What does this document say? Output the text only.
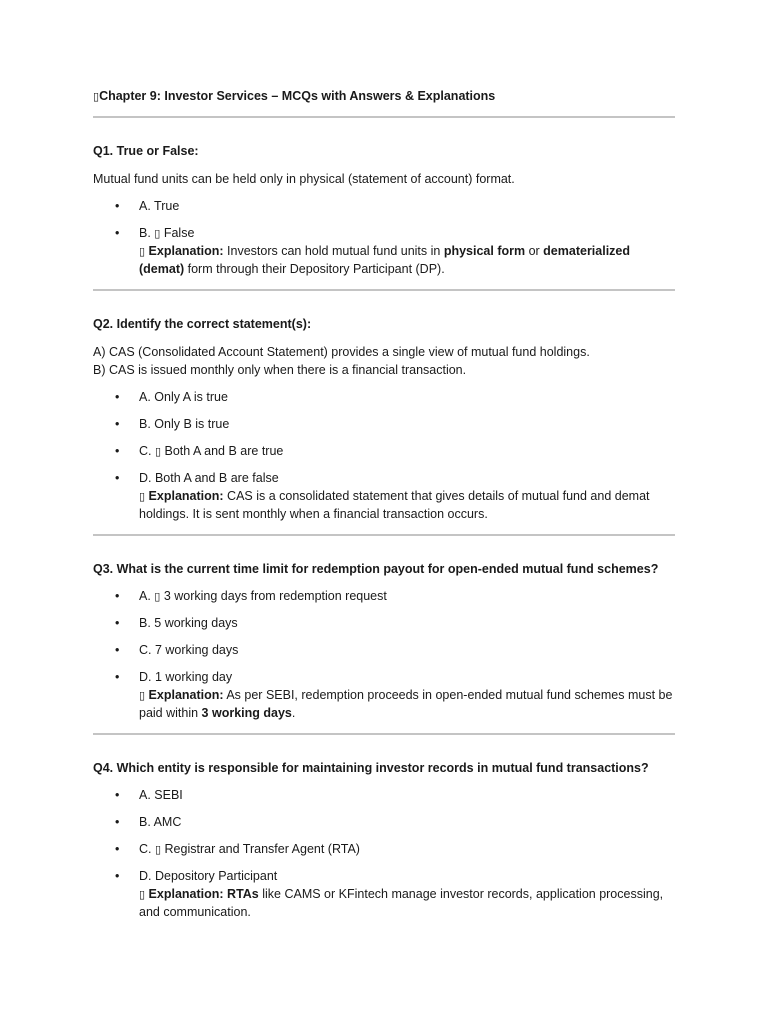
▯Chapter 9: Investor Services – MCQs with Answers & Explanations

Q1. True or False:

Mutual fund units can be held only in physical (statement of account) format.

• A. True
• B. ▯ False
▯ Explanation: Investors can hold mutual fund units in physical form or dematerialized (demat) form through their Depository Participant (DP).

Q2. Identify the correct statement(s):

A) CAS (Consolidated Account Statement) provides a single view of mutual fund holdings.
B) CAS is issued monthly only when there is a financial transaction.

• A. Only A is true
• B. Only B is true
• C. ▯ Both A and B are true
• D. Both A and B are false
▯ Explanation: CAS is a consolidated statement that gives details of mutual fund and demat holdings. It is sent monthly when a financial transaction occurs.

Q3. What is the current time limit for redemption payout for open-ended mutual fund schemes?

• A. ▯ 3 working days from redemption request
• B. 5 working days
• C. 7 working days
• D. 1 working day
▯ Explanation: As per SEBI, redemption proceeds in open-ended mutual fund schemes must be paid within 3 working days.

Q4. Which entity is responsible for maintaining investor records in mutual fund transactions?

• A. SEBI
• B. AMC
• C. ▯ Registrar and Transfer Agent (RTA)
• D. Depository Participant
▯ Explanation: RTAs like CAMS or KFintech manage investor records, application processing, and communication.
